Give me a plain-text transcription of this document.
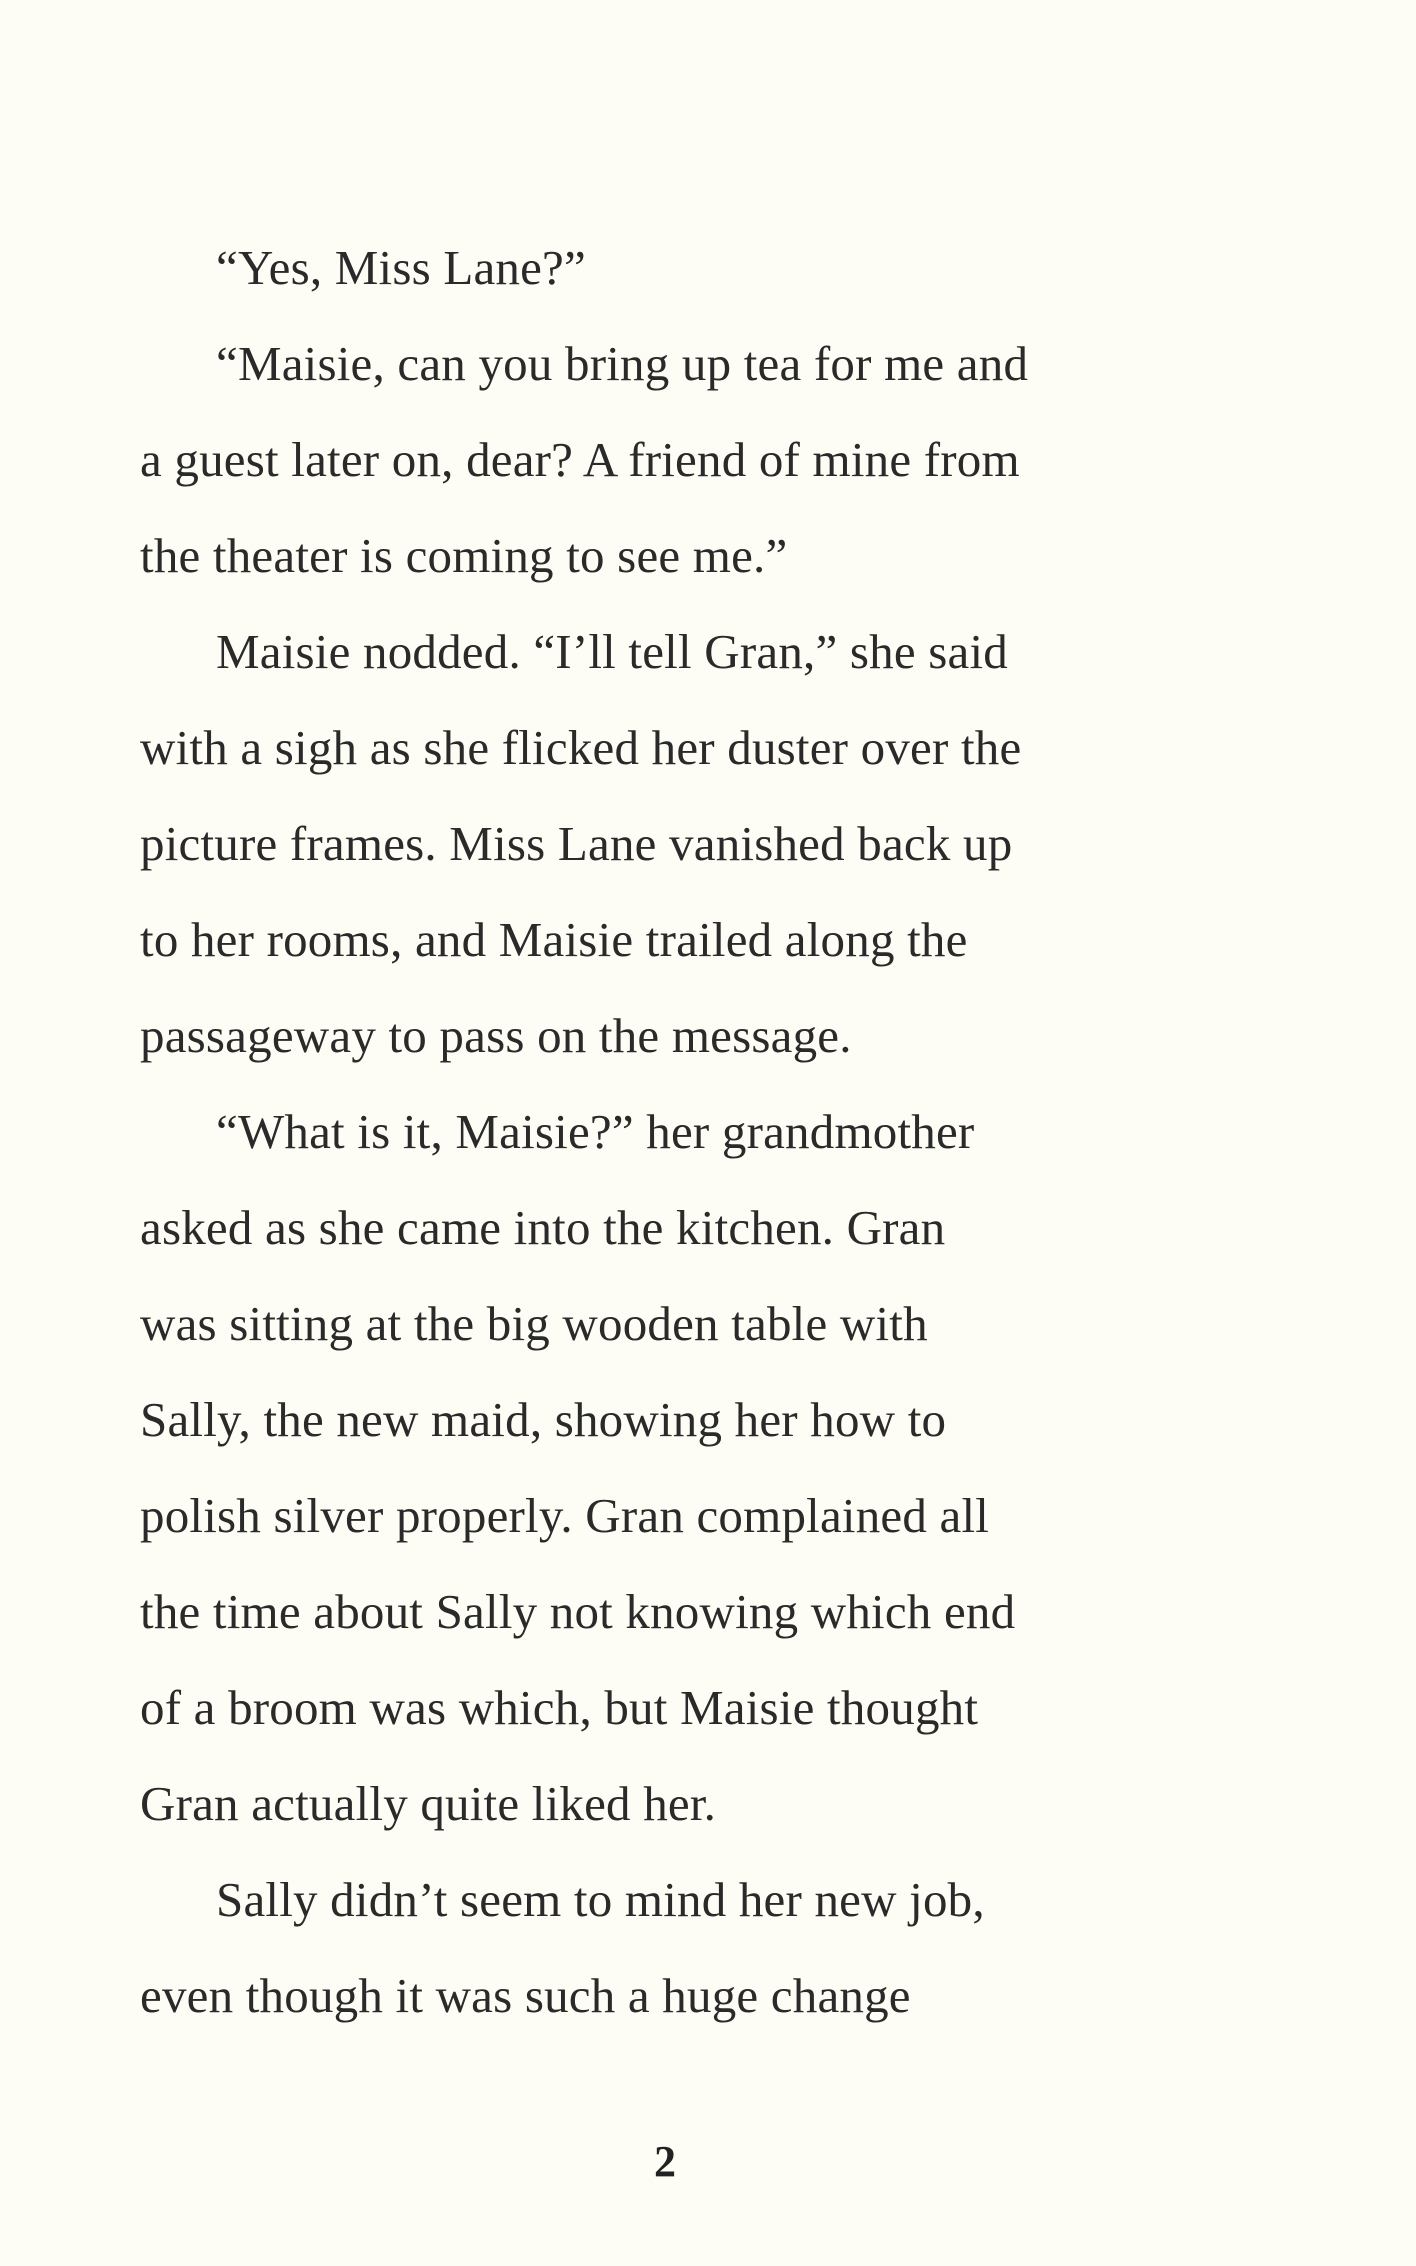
“Yes, Miss Lane?”
“Maisie, can you bring up tea for me and
a guest later on, dear? A friend of mine from
the theater is coming to see me.”
Maisie nodded. “I’ll tell Gran,” she said
with a sigh as she flicked her duster over the
picture frames. Miss Lane vanished back up
to her rooms, and Maisie trailed along the
passageway to pass on the message.
“What is it, Maisie?” her grandmother
asked as she came into the kitchen. Gran
was sitting at the big wooden table with
Sally, the new maid, showing her how to
polish silver properly. Gran complained all
the time about Sally not knowing which end
of a broom was which, but Maisie thought
Gran actually quite liked her.
Sally didn’t seem to mind her new job,
even though it was such a huge change
2
